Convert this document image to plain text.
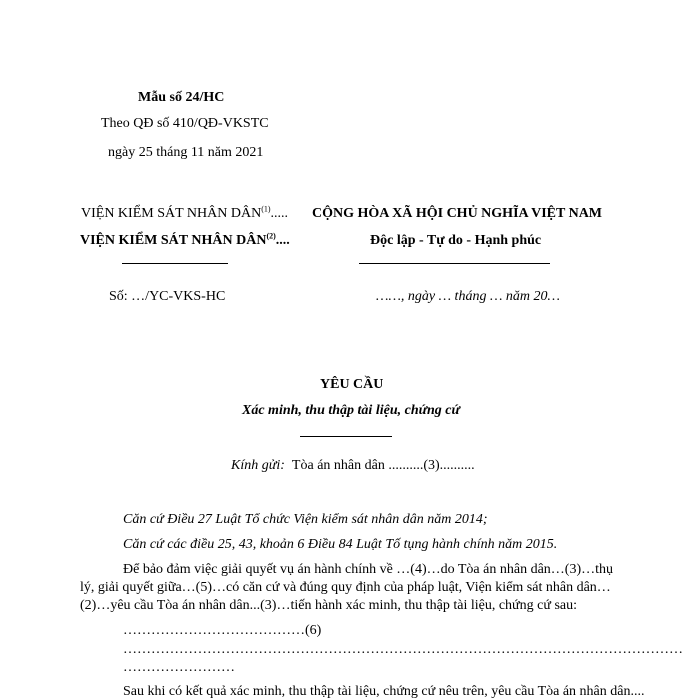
Mẫu số 24/HC
Theo QĐ số 410/QĐ-VKSTC
ngày 25 tháng 11 năm 2021
VIỆN KIỂM SÁT NHÂN DÂN$^{(1)}$.....
VIỆN KIỂM SÁT NHÂN DÂN$^{(2)}$....
Số: …/YC-VKS-HC
CỘNG HÒA XÃ HỘI CHỦ NGHĨA VIỆT NAM
Độc lập - Tự do - Hạnh phúc
……, ngày … tháng … năm 20…
YÊU CẦU
Xác minh, thu thập tài liệu, chứng cứ
Kính gửi: Tòa án nhân dân ..........(3)..........
Căn cứ Điều 27 Luật Tổ chức Viện kiểm sát nhân dân năm 2014;
Căn cứ các điều 25, 43, khoản 6 Điều 84 Luật Tố tụng hành chính năm 2015.
Để bảo đảm việc giải quyết vụ án hành chính về …(4)…do Tòa án nhân dân…(3)…thụ
lý, giải quyết giữa…(5)…có căn cứ và đúng quy định của pháp luật, Viện kiểm sát nhân dân…
(2)…yêu cầu Tòa án nhân dân...(3)…tiến hành xác minh, thu thập tài liệu, chứng cứ sau:
…………………………………(6)
…………………………………………………………………………………………………………
……………………
Sau khi có kết quả xác minh, thu thập tài liệu, chứng cứ nêu trên, yêu cầu Tòa án nhân dân....
